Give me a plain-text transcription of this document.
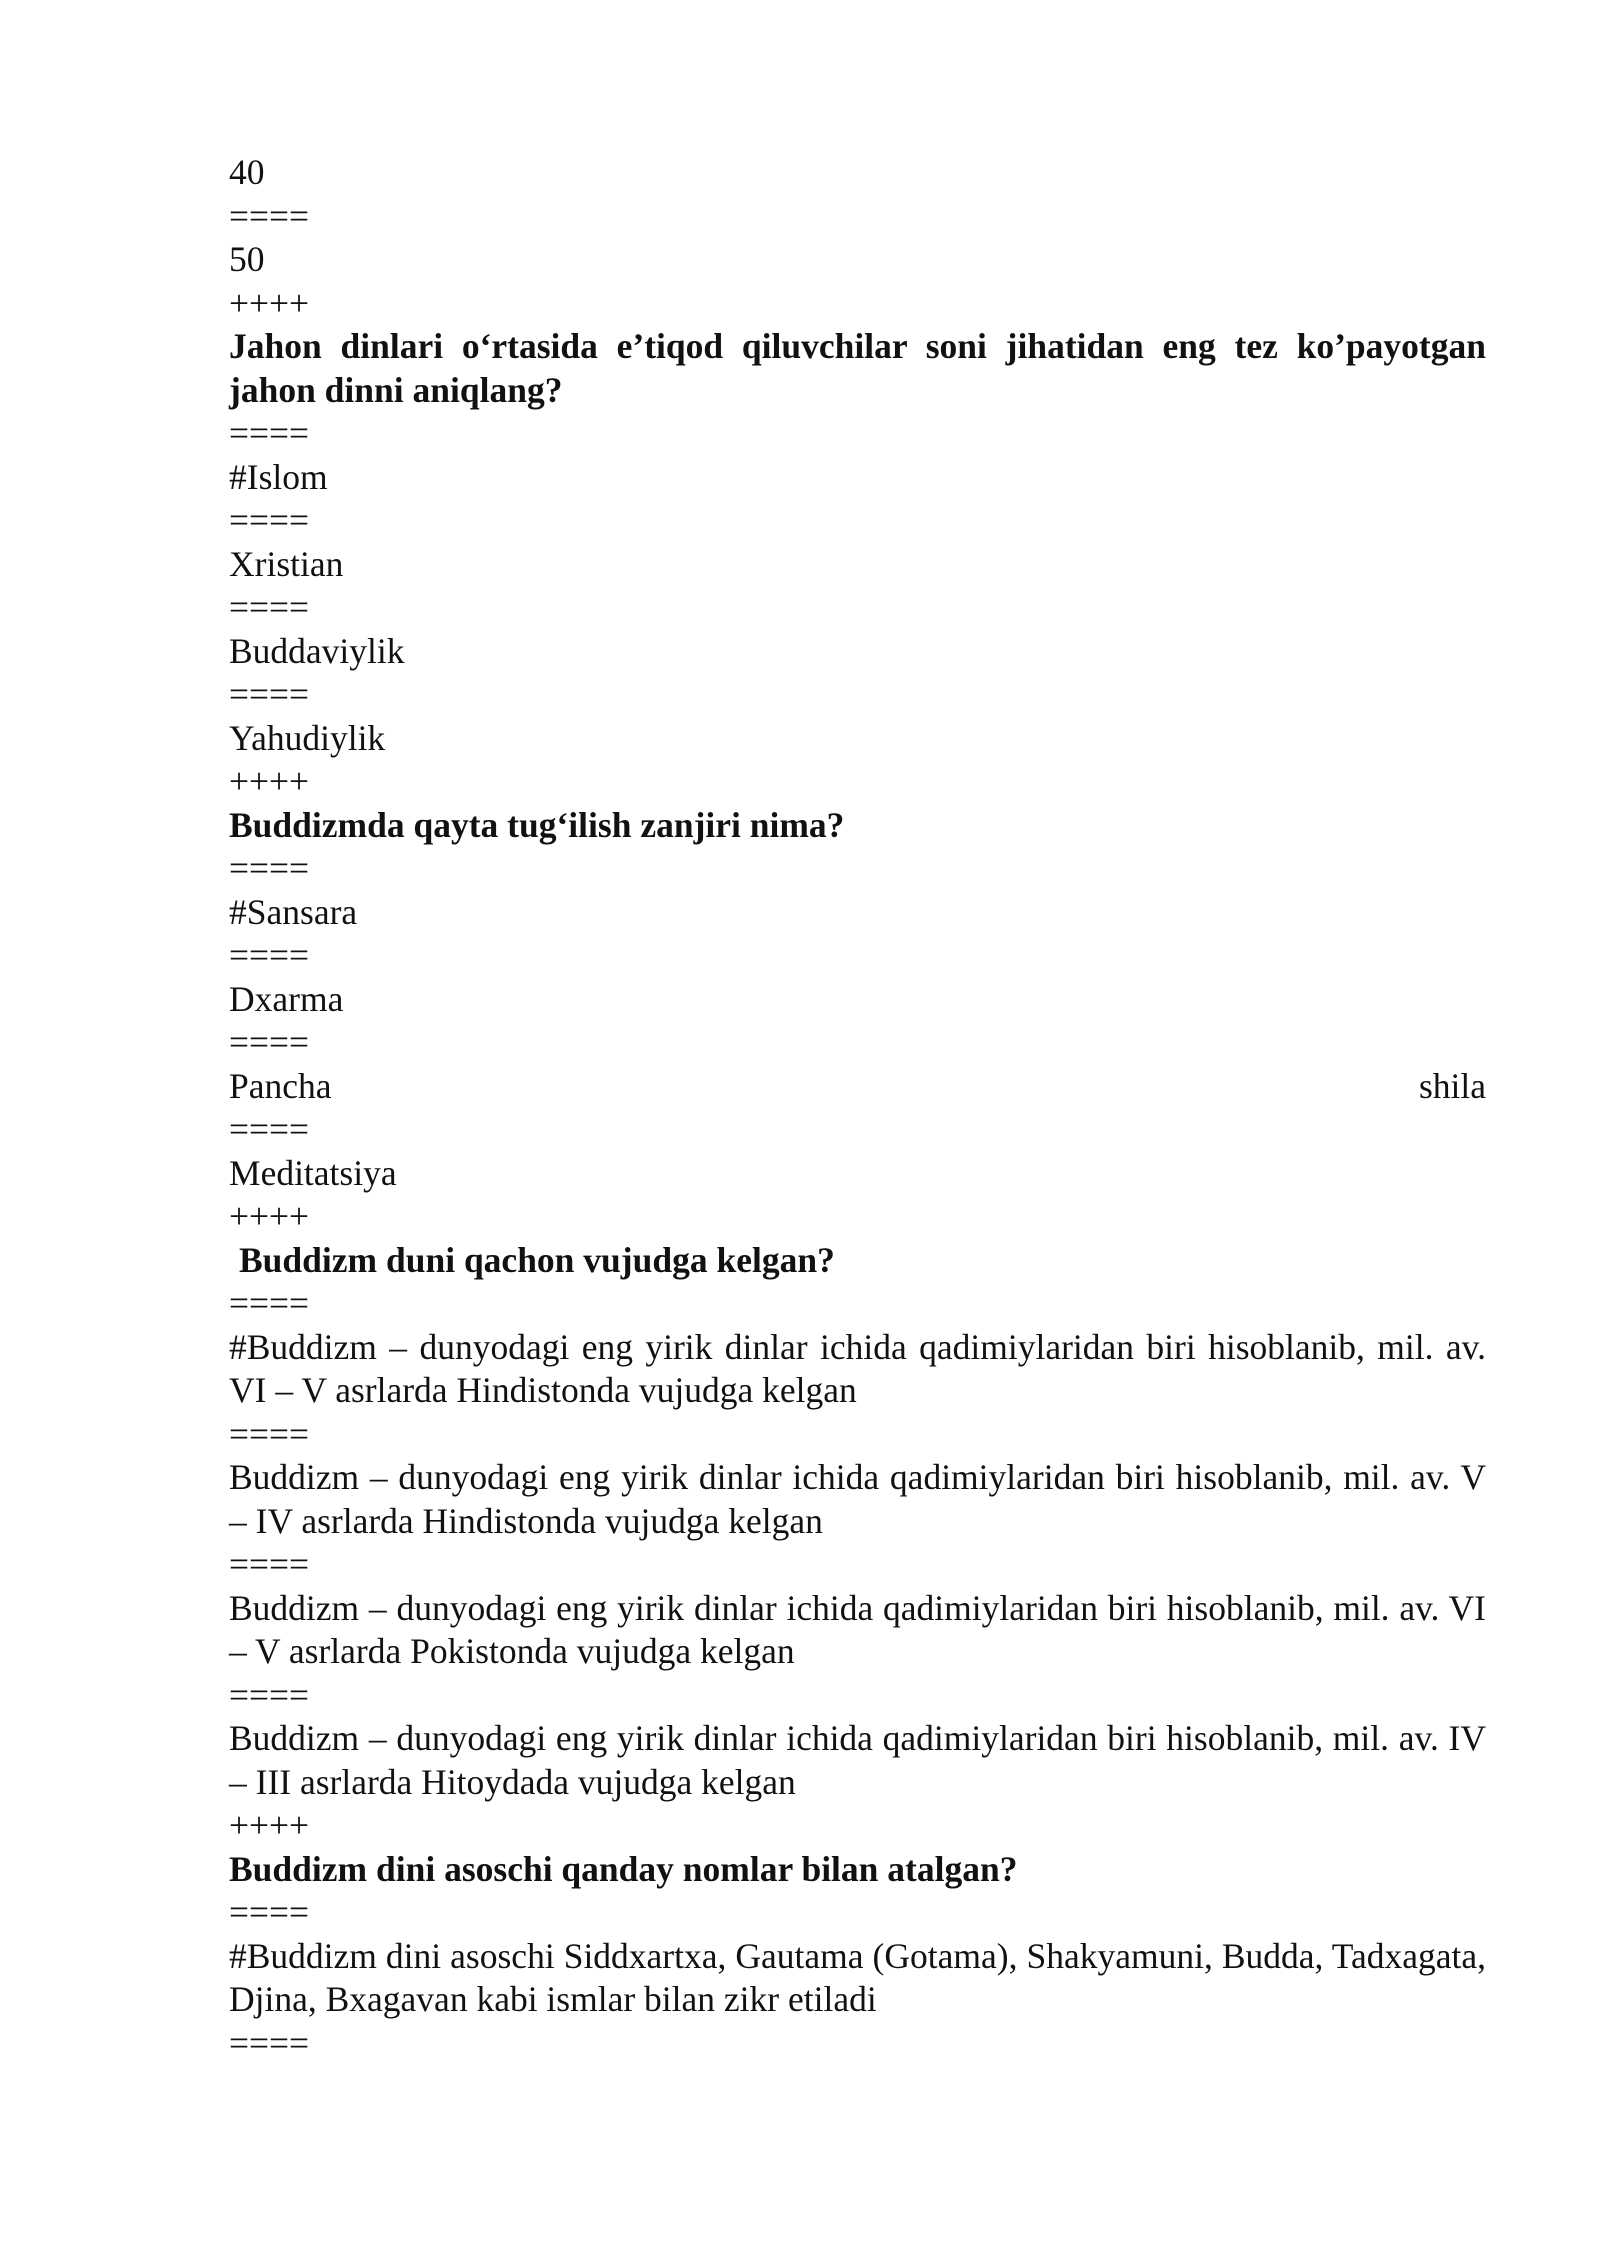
40
====
50
++++
Jahon dinlari o‘rtasida e’tiqod qiluvchilar soni jihatidan eng tez ko’payotgan jahon dinni aniqlang?
====
#Islom
====
Xristian
====
Buddaviylik
====
Yahudiylik
++++
Buddizmda qayta tug‘ilish zanjiri nima?
====
#Sansara
====
Dxarma
====
Pancha	shila
====
Meditatsiya
++++
Buddizm duni qachon vujudga kelgan?
====
#Buddizm – dunyodagi eng yirik dinlar ichida qadimiylaridan biri hisoblanib, mil. av. VI – V asrlarda Hindistonda vujudga kelgan
====
Buddizm – dunyodagi eng yirik dinlar ichida qadimiylaridan biri hisoblanib, mil. av. V – IV asrlarda Hindistonda vujudga kelgan
====
Buddizm – dunyodagi eng yirik dinlar ichida qadimiylaridan biri hisoblanib, mil. av. VI – V asrlarda Pokistonda vujudga kelgan
====
Buddizm – dunyodagi eng yirik dinlar ichida qadimiylaridan biri hisoblanib, mil. av. IV – III asrlarda Hitoydada vujudga kelgan
++++
Buddizm dini asoschi qanday nomlar bilan atalgan?
====
#Buddizm dini asoschi Siddxartxa, Gautama (Gotama), Shakyamuni, Budda, Tadxagata, Djina, Bxagavan kabi ismlar bilan zikr etiladi
====
